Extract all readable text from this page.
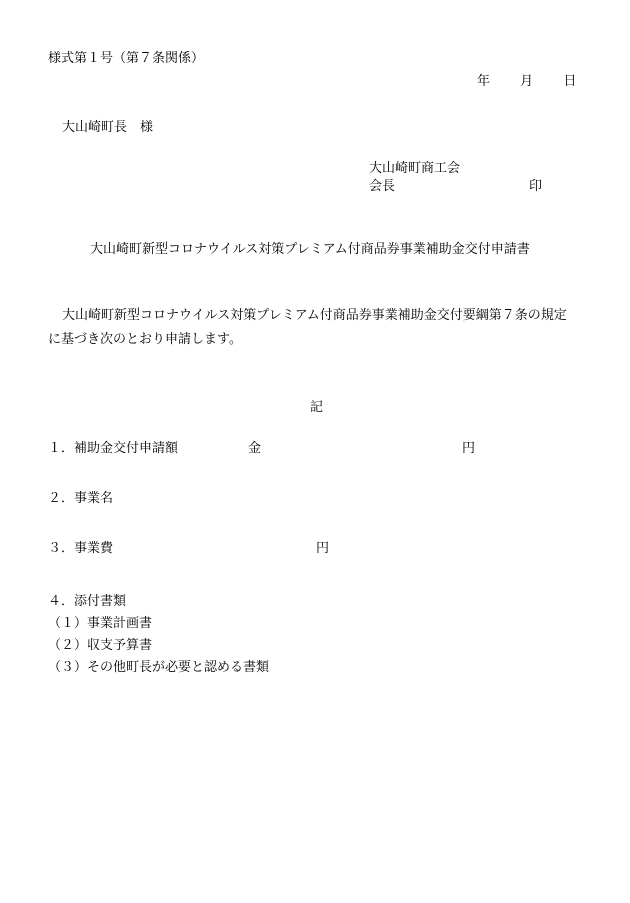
様式第１号（第７条関係）
年 月 日
大山崎町長　様
大山崎町商工会
会長	印
大山崎町新型コロナウイルス対策プレミアム付商品券事業補助金交付申請書
大山崎町新型コロナウイルス対策プレミアム付商品券事業補助金交付要綱第７条の規定
に基づき次のとおり申請します。
記
１．補助金交付申請額	金	円
２．事業名
３．事業費	円
４．添付書類
（１）事業計画書
（２）収支予算書
（３）その他町長が必要と認める書類
